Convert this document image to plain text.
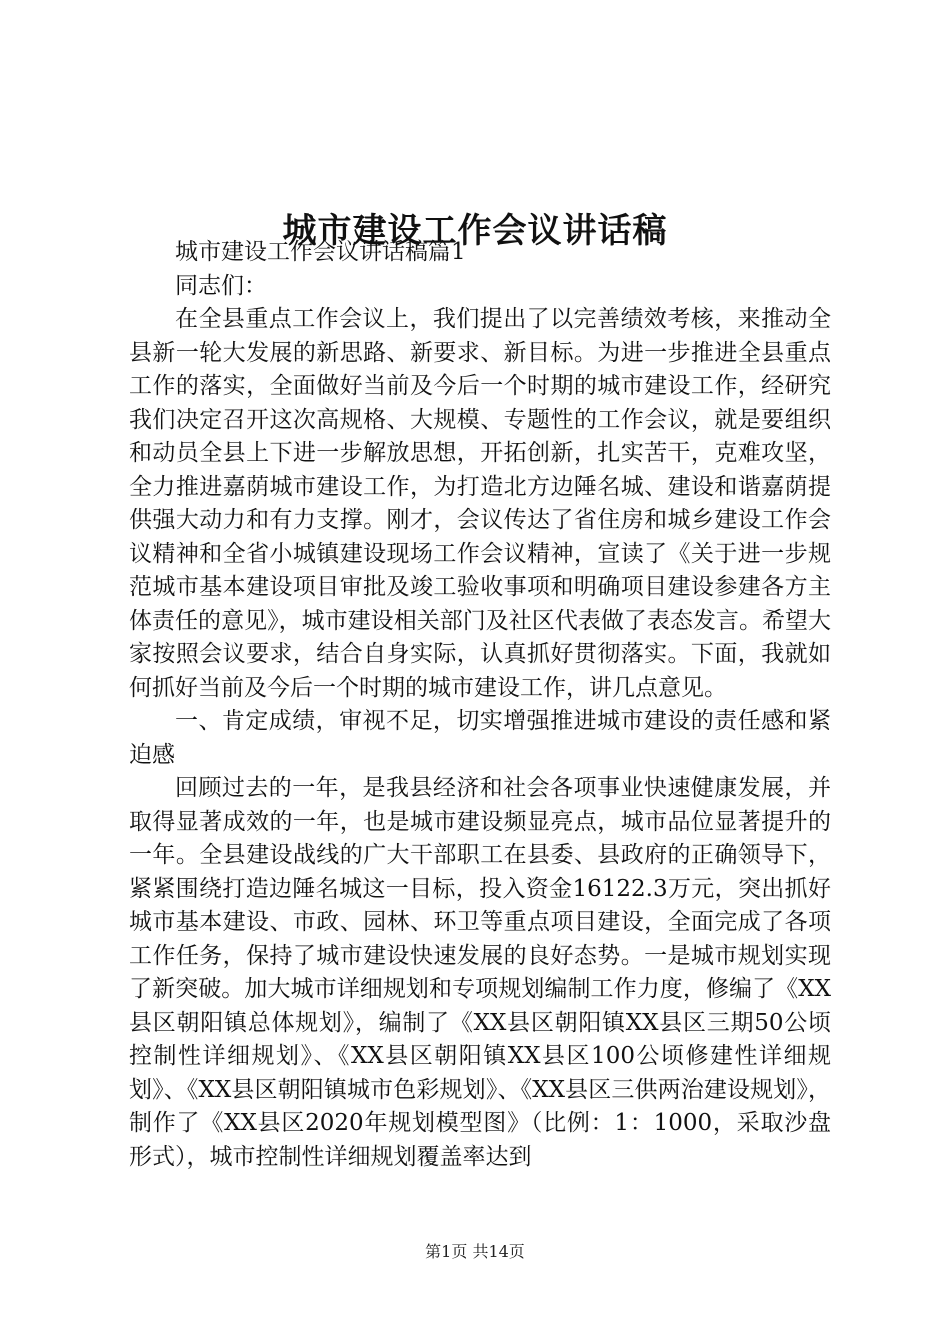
城市建设工作会议讲话稿

城市建设工作会议讲话稿篇1

同志们：

在全县重点工作会议上，我们提出了以完善绩效考核，来推动全县新一轮大发展的新思路、新要求、新目标。为进一步推进全县重点工作的落实，全面做好当前及今后一个时期的城市建设工作，经研究我们决定召开这次高规格、大规模、专题性的工作会议，就是要组织和动员全县上下进一步解放思想，开拓创新，扎实苦干，克难攻坚，全力推进嘉荫城市建设工作，为打造北方边陲名城、建设和谐嘉荫提供强大动力和有力支撑。刚才，会议传达了省住房和城乡建设工作会议精神和全省小城镇建设现场工作会议精神，宣读了《关于进一步规范城市基本建设项目审批及竣工验收事项和明确项目建设参建各方主体责任的意见》，城市建设相关部门及社区代表做了表态发言。希望大家按照会议要求，结合自身实际，认真抓好贯彻落实。下面，我就如何抓好当前及今后一个时期的城市建设工作，讲几点意见。

一、肯定成绩，审视不足，切实增强推进城市建设的责任感和紧迫感

回顾过去的一年，是我县经济和社会各项事业快速健康发展，并取得显著成效的一年，也是城市建设频显亮点，城市品位显著提升的一年。全县建设战线的广大干部职工在县委、县政府的正确领导下，紧紧围绕打造边陲名城这一目标，投入资金16122.3万元，突出抓好城市基本建设、市政、园林、环卫等重点项目建设，全面完成了各项工作任务，保持了城市建设快速发展的良好态势。一是城市规划实现了新突破。加大城市详细规划和专项规划编制工作力度，修编了《XX县区朝阳镇总体规划》，编制了《XX县区朝阳镇XX县区三期50公顷控制性详细规划》、《XX县区朝阳镇XX县区100公顷修建性详细规划》、《XX县区朝阳镇城市色彩规划》、《XX县区三供两治建设规划》，制作了《XX县区2020年规划模型图》（比例：1：1000，采取沙盘形式），城市控制性详细规划覆盖率达到

第1页 共14页
